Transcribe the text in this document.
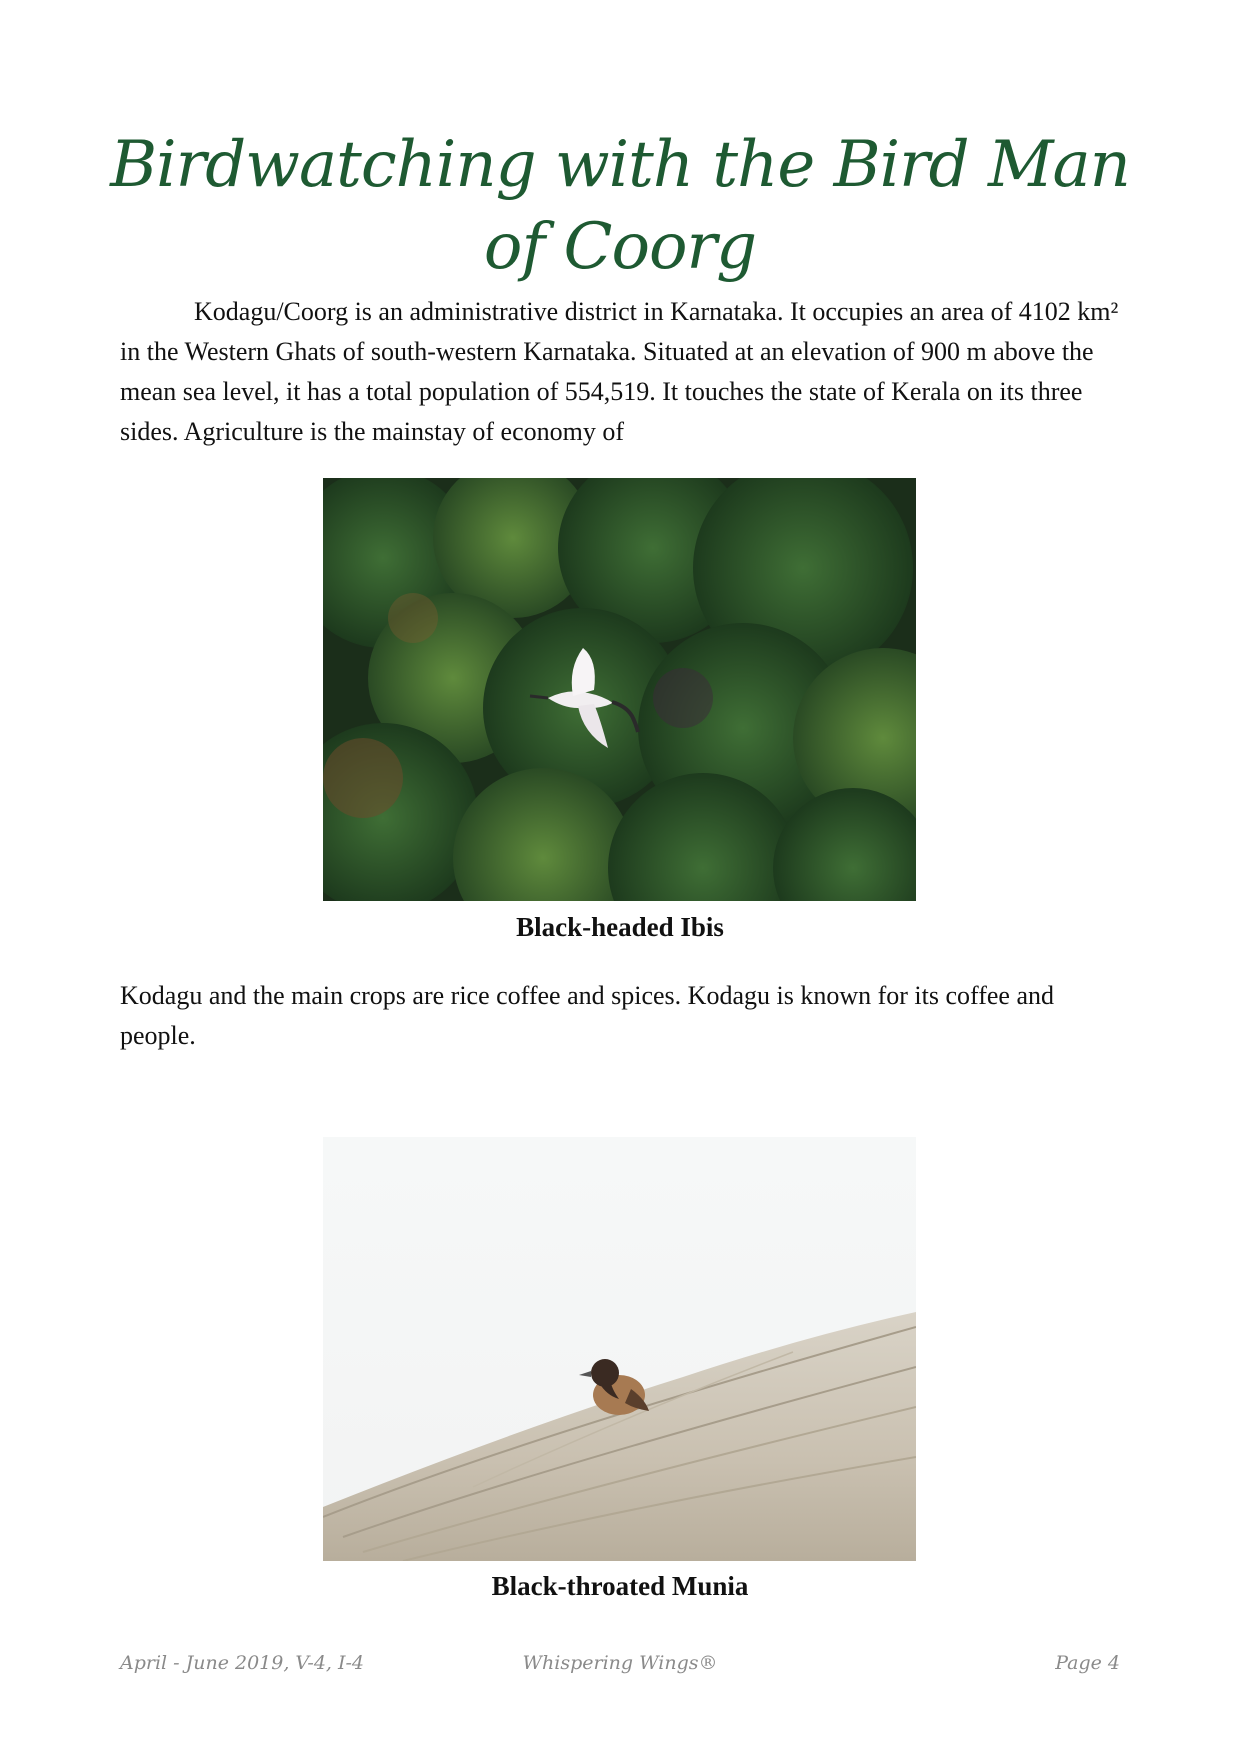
Birdwatching with the Bird Man of Coorg

Kodagu/Coorg is an administrative district in Karnataka. It occupies an area of 4102 km² in the Western Ghats of south-western Karnataka. Situated at an elevation of 900 m above the mean sea level, it has a total population of 554,519. It touches the state of Kerala on its three sides. Agriculture is the mainstay of economy of

Black-headed Ibis

Kodagu and the main crops are rice coffee and spices. Kodagu is known for its coffee and people.

Black-throated Munia

April - June 2019, V-4, I-4	Whispering Wings®	Page 4
